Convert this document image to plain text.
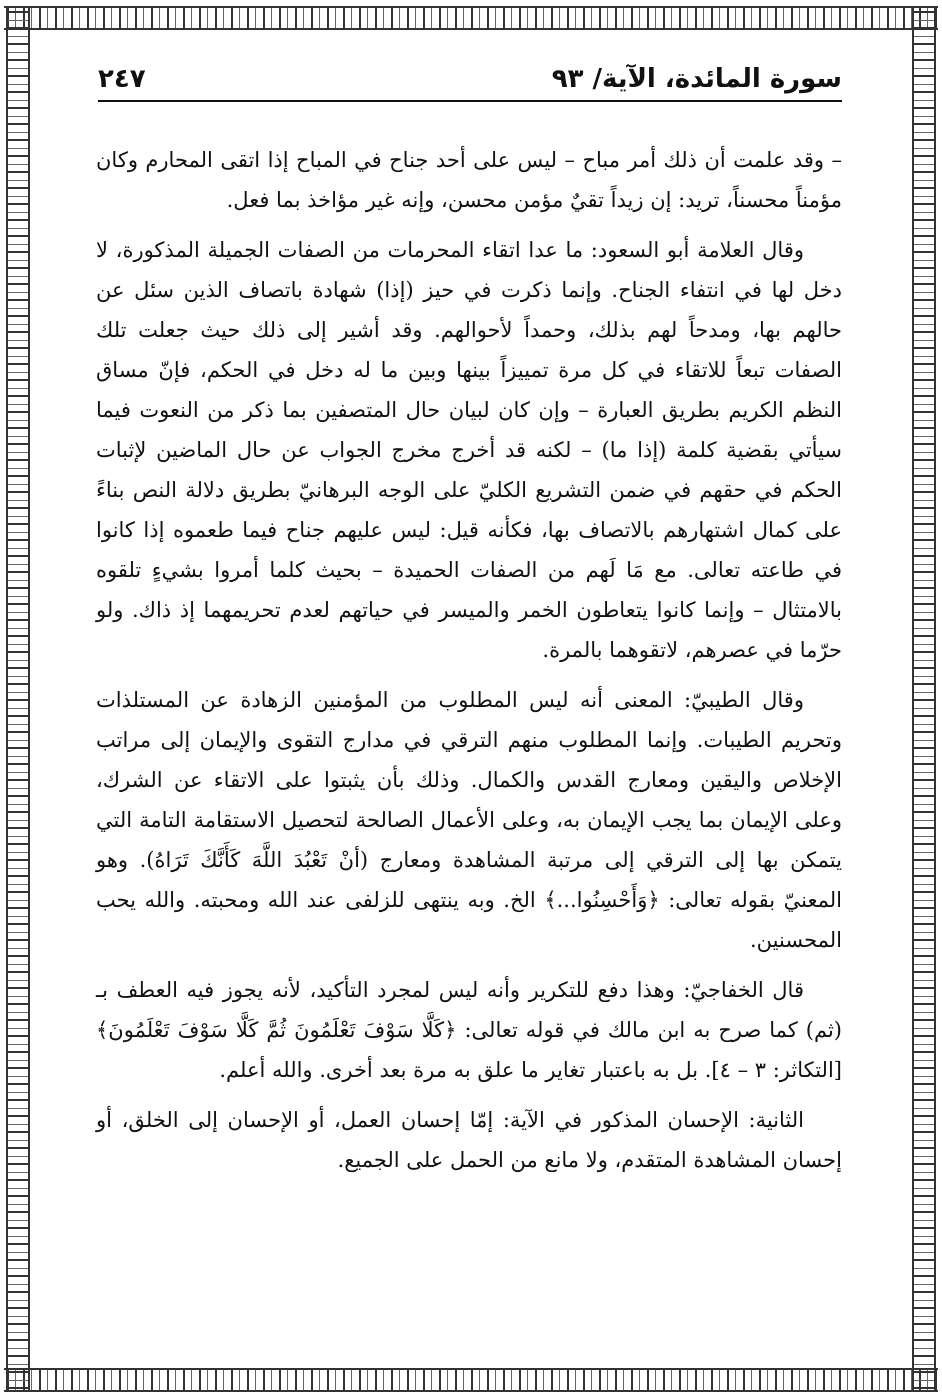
سورة المائدة، الآية/ ٩٣
٢٤٧

– وقد علمت أن ذلك أمر مباح – ليس على أحد جناح في المباح إذا اتقى المحارم وكان مؤمناً محسناً، تريد: إن زيداً تقيٌ مؤمن محسن، وإنه غير مؤاخذ بما فعل.

وقال العلامة أبو السعود: ما عدا اتقاء المحرمات من الصفات الجميلة المذكورة، لا دخل لها في انتفاء الجناح. وإنما ذكرت في حيز (إذا) شهادة باتصاف الذين سئل عن حالهم بها، ومدحاً لهم بذلك، وحمداً لأحوالهم. وقد أشير إلى ذلك حيث جعلت تلك الصفات تبعاً للاتقاء في كل مرة تمييزاً بينها وبين ما له دخل في الحكم، فإنّ مساق النظم الكريم بطريق العبارة – وإن كان لبيان حال المتصفين بما ذكر من النعوت فيما سيأتي بقضية كلمة (إذا ما) – لكنه قد أخرج مخرج الجواب عن حال الماضين لإثبات الحكم في حقهم في ضمن التشريع الكليّ على الوجه البرهانيّ بطريق دلالة النص بناءً على كمال اشتهارهم بالاتصاف بها، فكأنه قيل: ليس عليهم جناح فيما طعموه إذا كانوا في طاعته تعالى. مع مَا لَهم من الصفات الحميدة – بحيث كلما أمروا بشيءٍ تلقوه بالامتثال – وإنما كانوا يتعاطون الخمر والميسر في حياتهم لعدم تحريمهما إذ ذاك. ولو حرّما في عصرهم، لاتقوهما بالمرة.

وقال الطيبيّ: المعنى أنه ليس المطلوب من المؤمنين الزهادة عن المستلذات وتحريم الطيبات. وإنما المطلوب منهم الترقي في مدارج التقوى والإيمان إلى مراتب الإخلاص واليقين ومعارج القدس والكمال. وذلك بأن يثبتوا على الاتقاء عن الشرك، وعلى الإيمان بما يجب الإيمان به، وعلى الأعمال الصالحة لتحصيل الاستقامة التامة التي يتمكن بها إلى الترقي إلى مرتبة المشاهدة ومعارج (أنْ تَعْبُدَ اللَّهَ كَأَنَّكَ تَرَاهُ). وهو المعنيّ بقوله تعالى: ﴿وَأَحْسِنُوا...﴾ الخ. وبه ينتهى للزلفى عند الله ومحبته. والله يحب المحسنين.

قال الخفاجيّ: وهذا دفع للتكرير وأنه ليس لمجرد التأكيد، لأنه يجوز فيه العطف بـ (ثم) كما صرح به ابن مالك في قوله تعالى: ﴿كَلَّا سَوْفَ تَعْلَمُونَ ثُمَّ كَلَّا سَوْفَ تَعْلَمُونَ﴾ [التكاثر: ٣ – ٤]. بل به باعتبار تغاير ما علق به مرة بعد أخرى. والله أعلم.

الثانية: الإحسان المذكور في الآية: إمّا إحسان العمل، أو الإحسان إلى الخلق، أو إحسان المشاهدة المتقدم، ولا مانع من الحمل على الجميع.
